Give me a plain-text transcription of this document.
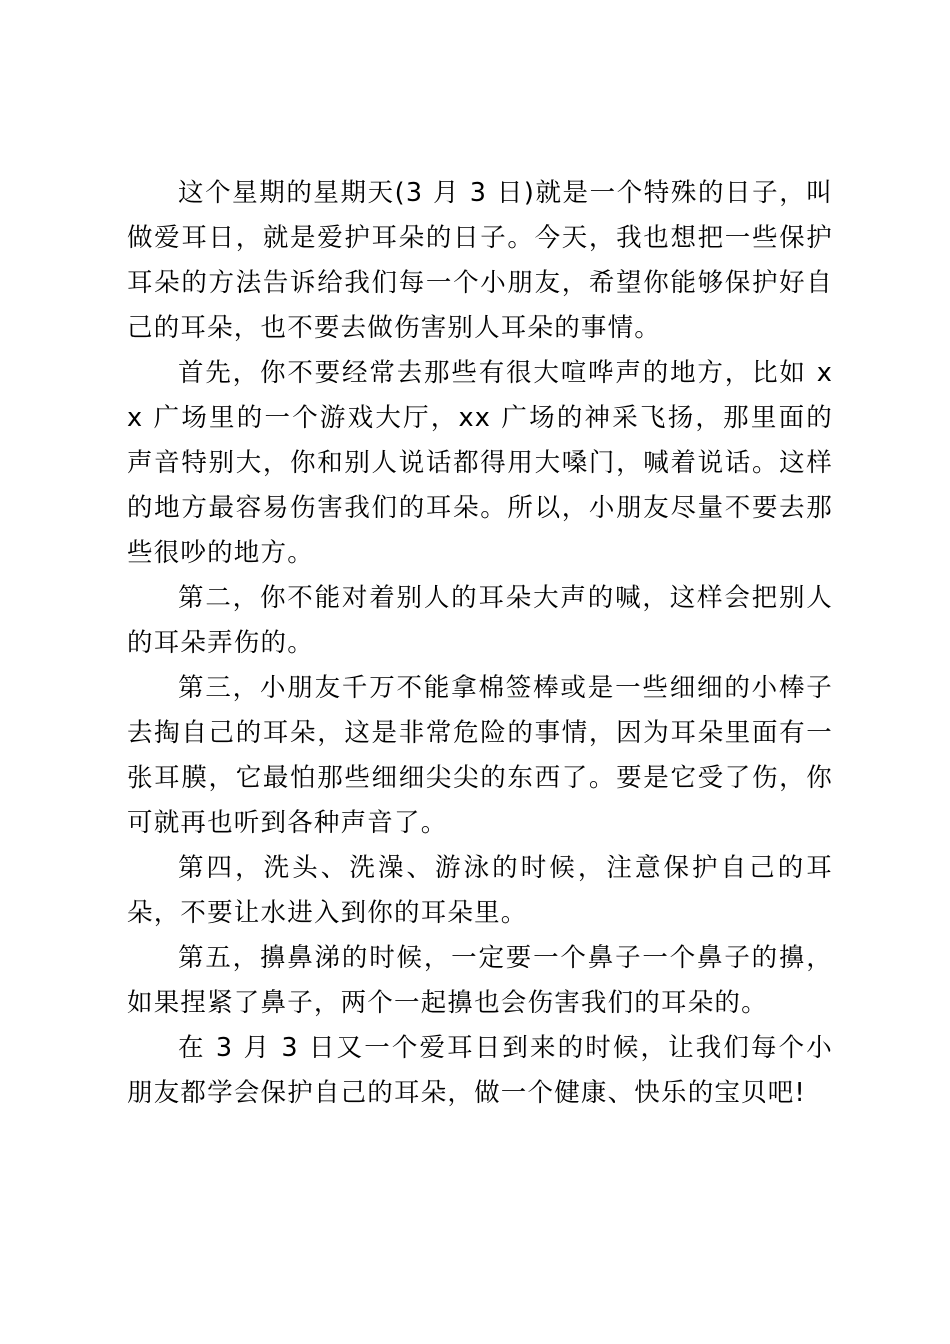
这个星期的星期天(3 月 3 日)就是一个特殊的日子，叫做爱耳日，就是爱护耳朵的日子。今天，我也想把一些保护耳朵的方法告诉给我们每一个小朋友，希望你能够保护好自己的耳朵，也不要去做伤害别人耳朵的事情。

首先，你不要经常去那些有很大喧哗声的地方，比如 xx 广场里的一个游戏大厅，xx 广场的神采飞扬，那里面的声音特别大，你和别人说话都得用大嗓门，喊着说话。这样的地方最容易伤害我们的耳朵。所以，小朋友尽量不要去那些很吵的地方。

第二，你不能对着别人的耳朵大声的喊，这样会把别人的耳朵弄伤的。

第三，小朋友千万不能拿棉签棒或是一些细细的小棒子去掏自己的耳朵，这是非常危险的事情，因为耳朵里面有一张耳膜，它最怕那些细细尖尖的东西了。要是它受了伤，你可就再也听到各种声音了。

第四，洗头、洗澡、游泳的时候，注意保护自己的耳朵，不要让水进入到你的耳朵里。

第五，擤鼻涕的时候，一定要一个鼻子一个鼻子的擤，如果捏紧了鼻子，两个一起擤也会伤害我们的耳朵的。

在 3 月 3 日又一个爱耳日到来的时候，让我们每个小朋友都学会保护自己的耳朵，做一个健康、快乐的宝贝吧!
